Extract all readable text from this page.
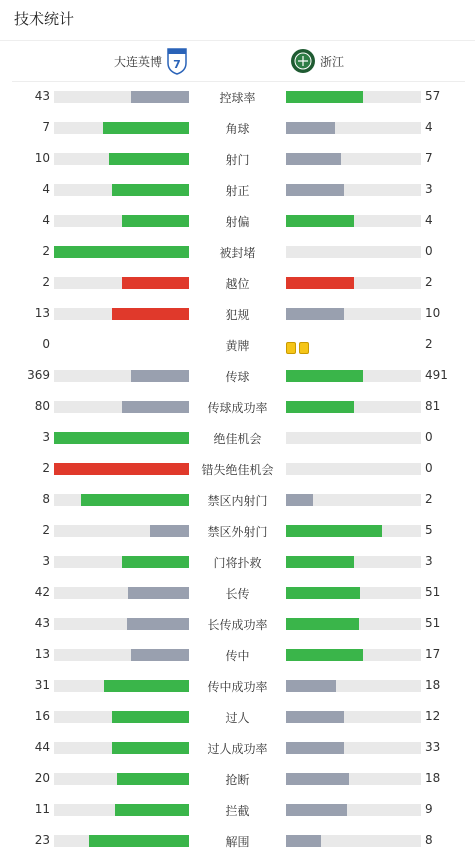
技术统计
大连英博 7	浙江
43	控球率	57
7	角球	4
10	射门	7
4	射正	3
4	射偏	4
2	被封堵	0
2	越位	2
13	犯规	10
0	黄牌	2
369	传球	491
80	传球成功率	81
3	绝佳机会	0
2	错失绝佳机会	0
8	禁区内射门	2
2	禁区外射门	5
3	门将扑救	3
42	长传	51
43	长传成功率	51
13	传中	17
31	传中成功率	18
16	过人	12
44	过人成功率	33
20	抢断	18
11	拦截	9
23	解围	8
